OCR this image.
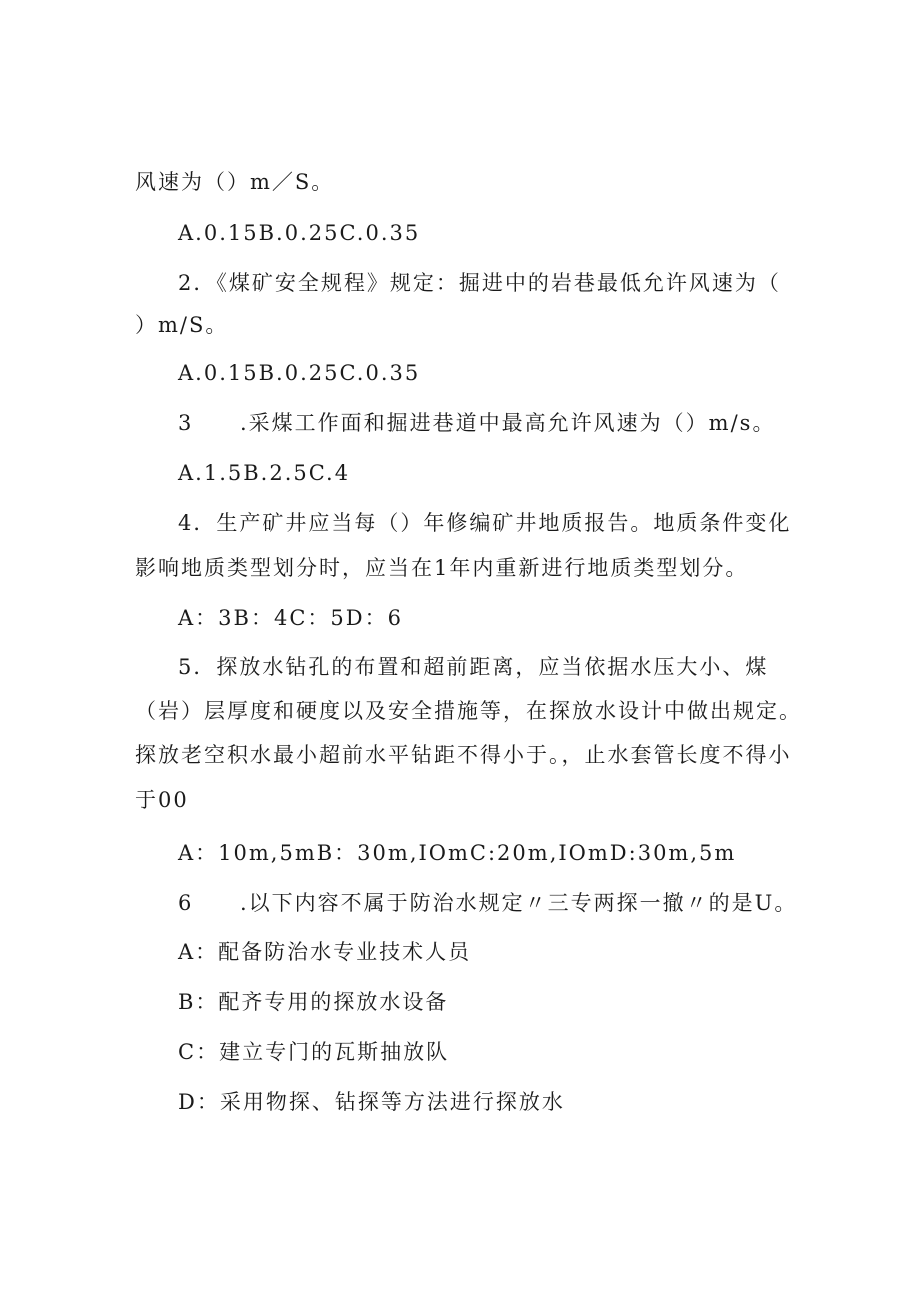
风速为（）m／S。
A.0.15B.0.25C.0.35
2．《煤矿安全规程》规定：掘进中的岩巷最低允许风速为（
）m/S。
A.0.15B.0.25C.0.35
3 .采煤工作面和掘进巷道中最高允许风速为（）m/s。
A.1.5B.2.5C.4
4．生产矿井应当每（）年修编矿井地质报告。地质条件变化
影响地质类型划分时，应当在1年内重新进行地质类型划分。
A：3B：4C：5D：6
5．探放水钻孔的布置和超前距离，应当依据水压大小、煤
（岩）层厚度和硬度以及安全措施等，在探放水设计中做出规定。
探放老空积水最小超前水平钻距不得小于。，止水套管长度不得小
于00
A：10m,5mB：30m,IOmC:20m,IOmD:30m,5m
6 .以下内容不属于防治水规定〃三专两探一撤〃的是U。
A：配备防治水专业技术人员
B：配齐专用的探放水设备
C：建立专门的瓦斯抽放队
D：采用物探、钻探等方法进行探放水
